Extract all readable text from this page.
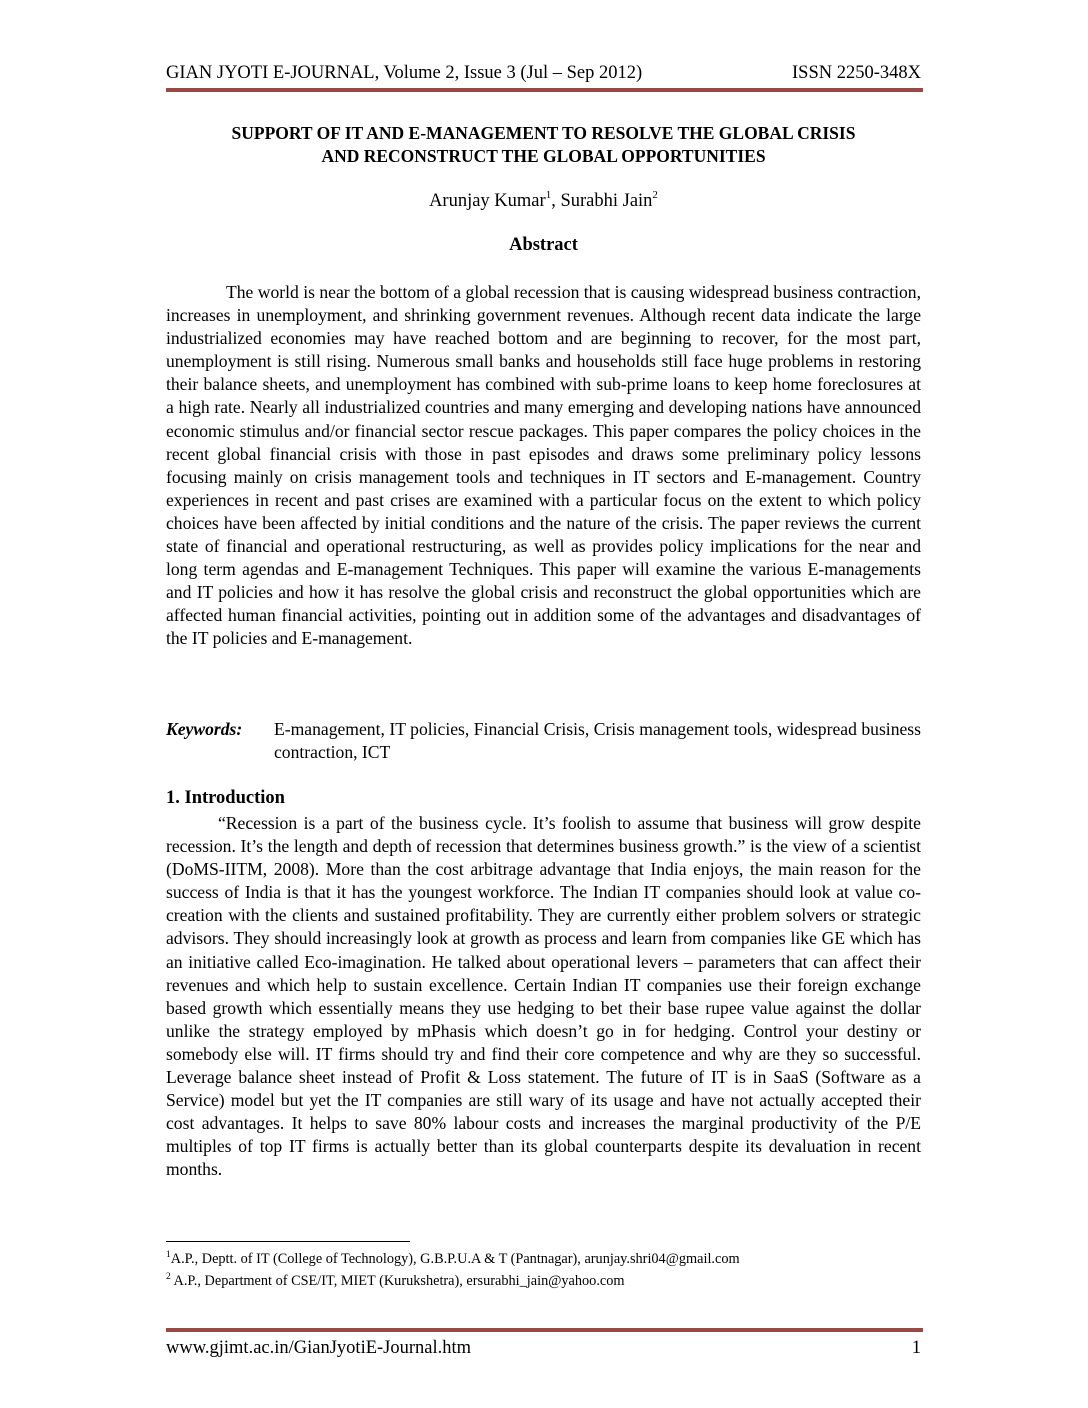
GIAN JYOTI E-JOURNAL, Volume 2, Issue 3 (Jul – Sep 2012)	ISSN 2250-348X
SUPPORT OF IT AND E-MANAGEMENT TO RESOLVE THE GLOBAL CRISIS
AND RECONSTRUCT THE GLOBAL OPPORTUNITIES
Arunjay Kumar$^1$, Surabhi Jain$^2$
Abstract

The world is near the bottom of a global recession that is causing widespread business contraction, increases in unemployment, and shrinking government revenues. Although recent data indicate the large industrialized economies may have reached bottom and are beginning to recover, for the most part, unemployment is still rising. Numerous small banks and households still face huge problems in restoring their balance sheets, and unemployment has combined with sub-prime loans to keep home foreclosures at a high rate. Nearly all industrialized countries and many emerging and developing nations have announced economic stimulus and/or financial sector rescue packages. This paper compares the policy choices in the recent global financial crisis with those in past episodes and draws some preliminary policy lessons focusing mainly on crisis management tools and techniques in IT sectors and E-management. Country experiences in recent and past crises are examined with a particular focus on the extent to which policy choices have been affected by initial conditions and the nature of the crisis. The paper reviews the current state of financial and operational restructuring, as well as provides policy implications for the near and long term agendas and E-management Techniques. This paper will examine the various E-managements and IT policies and how it has resolve the global crisis and reconstruct the global opportunities which are affected human financial activities, pointing out in addition some of the advantages and disadvantages of the IT policies and E-management.

Keywords: E-management, IT policies, Financial Crisis, Crisis management tools, widespread business contraction, ICT
1. Introduction

“Recession is a part of the business cycle. It’s foolish to assume that business will grow despite recession. It’s the length and depth of recession that determines business growth.” is the view of a scientist (DoMS-IITM, 2008). More than the cost arbitrage advantage that India enjoys, the main reason for the success of India is that it has the youngest workforce. The Indian IT companies should look at value co-creation with the clients and sustained profitability. They are currently either problem solvers or strategic advisors. They should increasingly look at growth as process and learn from companies like GE which has an initiative called Eco-imagination. He talked about operational levers – parameters that can affect their revenues and which help to sustain excellence. Certain Indian IT companies use their foreign exchange based growth which essentially means they use hedging to bet their base rupee value against the dollar unlike the strategy employed by mPhasis which doesn’t go in for hedging. Control your destiny or somebody else will. IT firms should try and find their core competence and why are they so successful. Leverage balance sheet instead of Profit & Loss statement. The future of IT is in SaaS (Software as a Service) model but yet the IT companies are still wary of its usage and have not actually accepted their cost advantages. It helps to save 80% labour costs and increases the marginal productivity of the P/E multiples of top IT firms is actually better than its global counterparts despite its devaluation in recent months.

$^1$A.P., Deptt. of IT (College of Technology), G.B.P.U.A & T (Pantnagar), arunjay.shri04@gmail.com
$^2$ A.P., Department of CSE/IT, MIET (Kurukshetra), ersurabhi_jain@yahoo.com
www.gjimt.ac.in/GianJyotiE-Journal.htm	1
